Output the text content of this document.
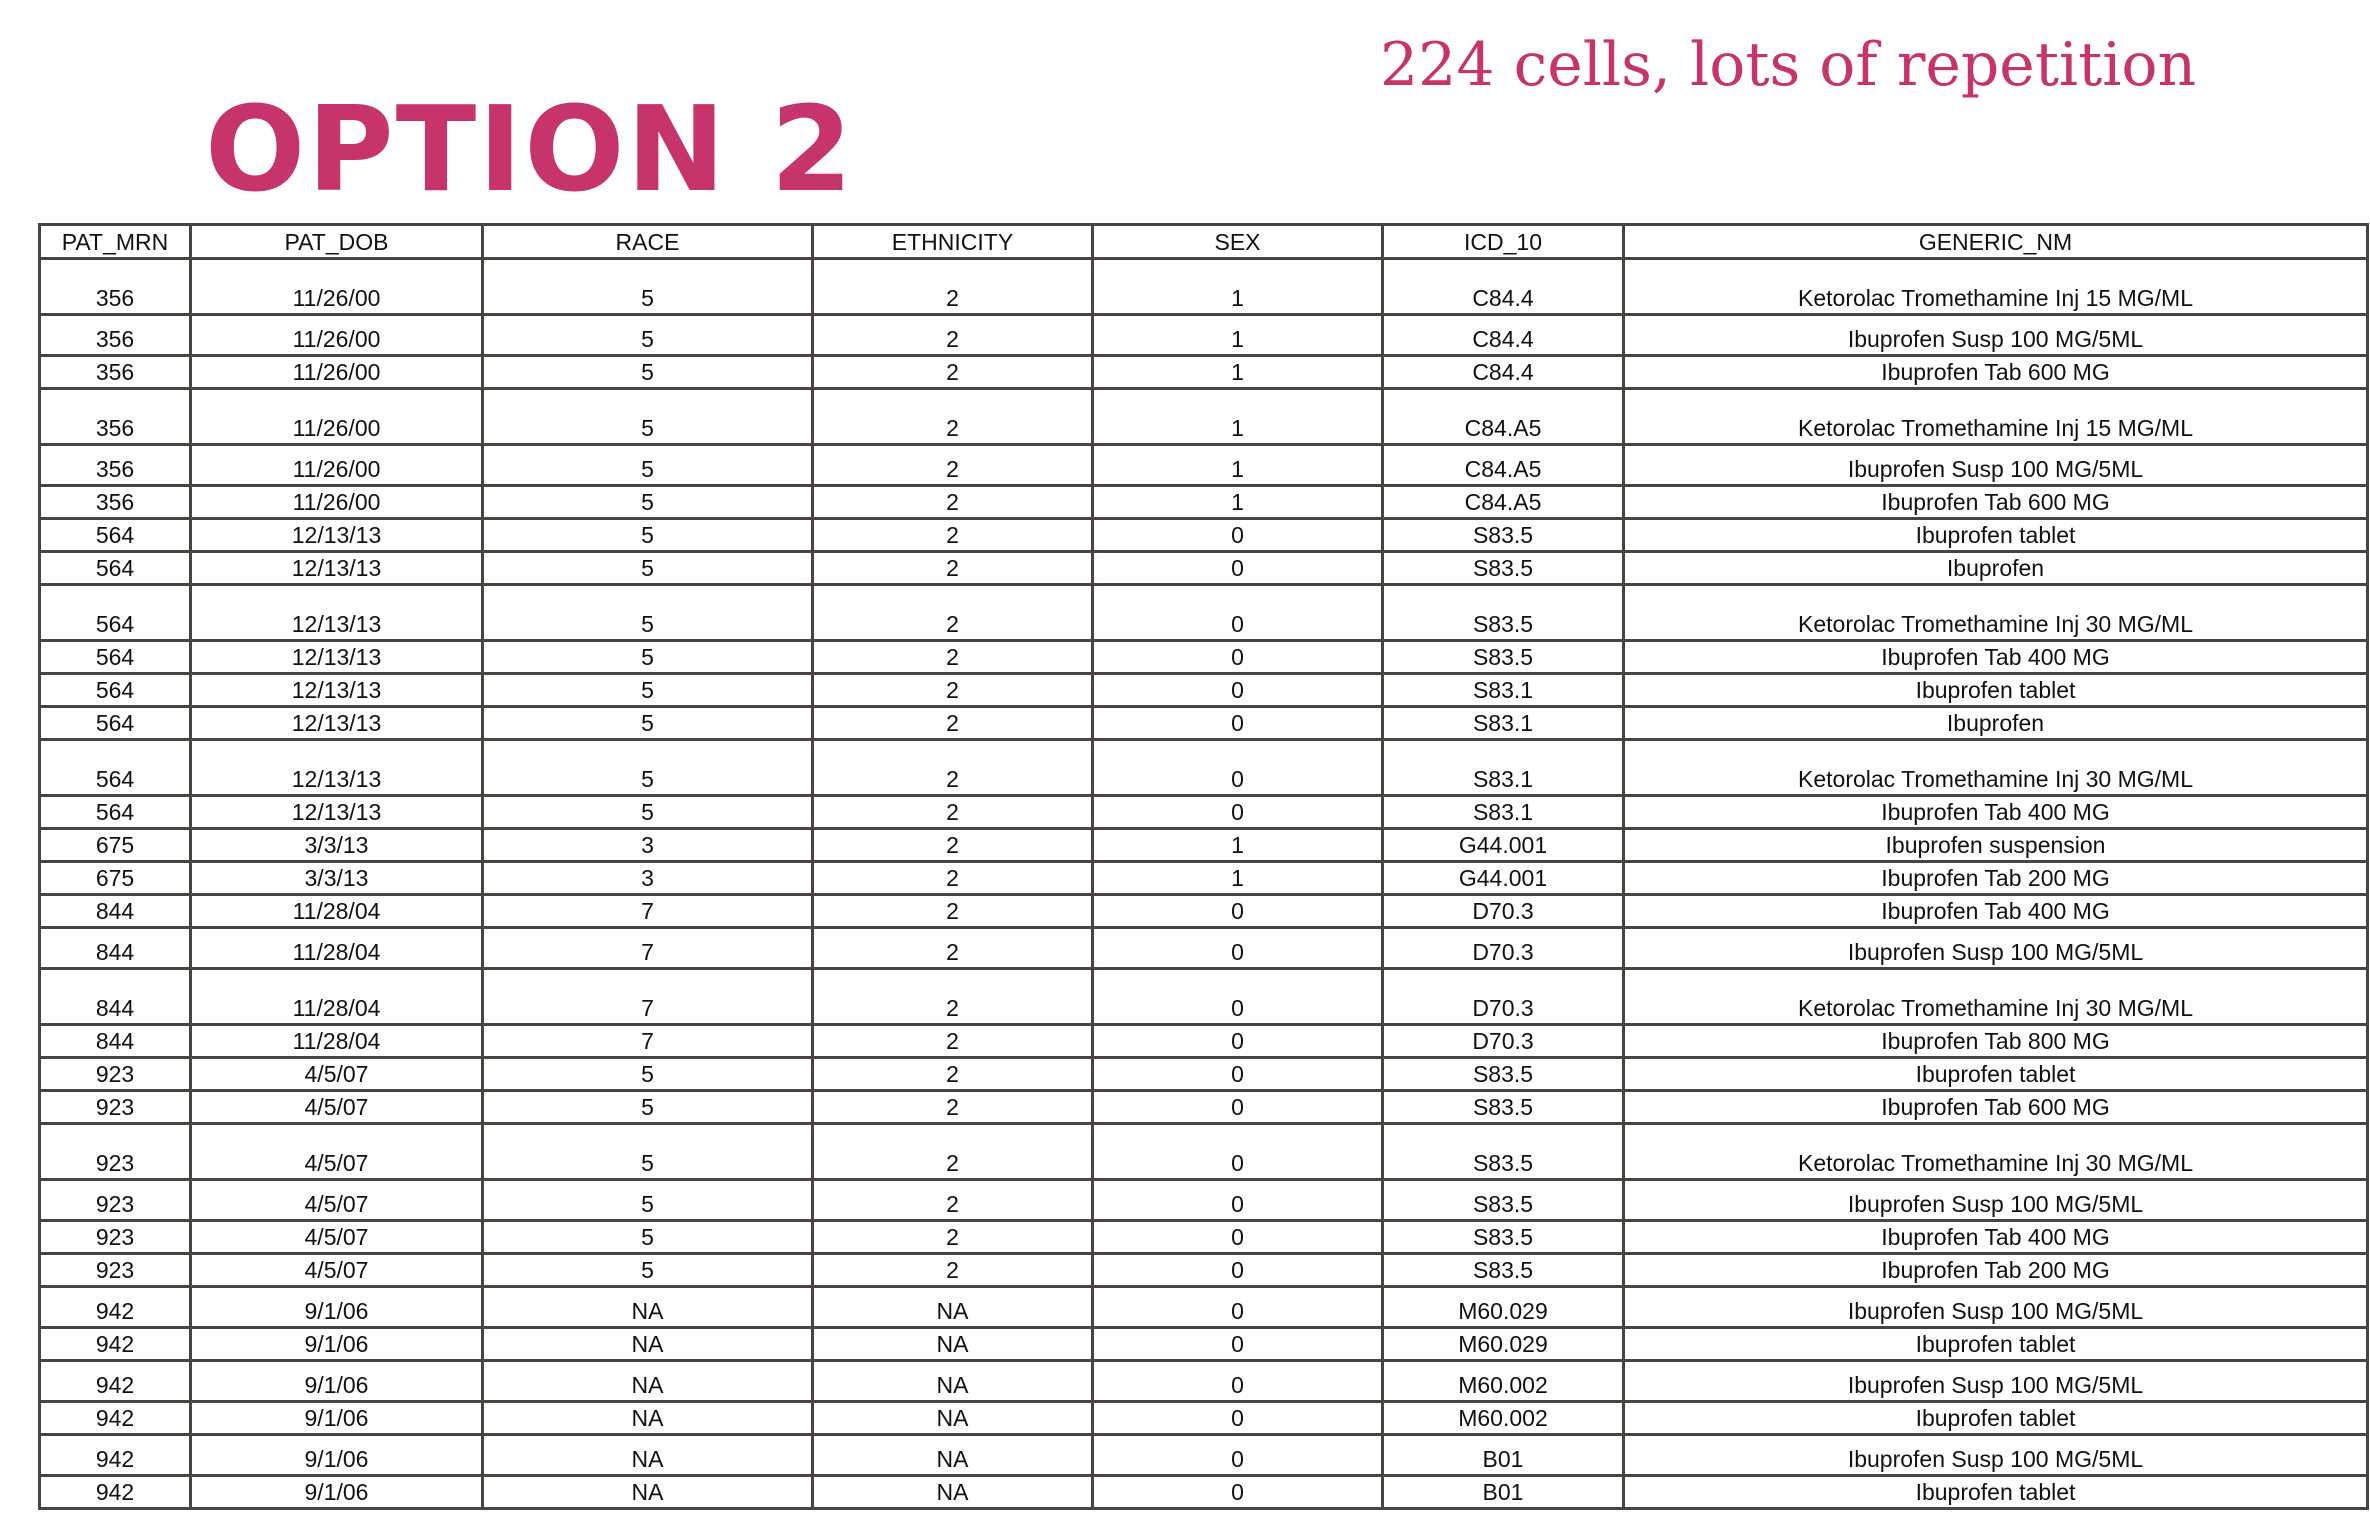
224 cells, lots of repetition
OPTION 2
PAT_MRN	PAT_DOB	RACE	ETHNICITY	SEX	ICD_10	GENERIC_NM
356	11/26/00	5	2	1	C84.4	Ketorolac Tromethamine Inj 15 MG/ML
356	11/26/00	5	2	1	C84.4	Ibuprofen Susp 100 MG/5ML
356	11/26/00	5	2	1	C84.4	Ibuprofen Tab 600 MG
356	11/26/00	5	2	1	C84.A5	Ketorolac Tromethamine Inj 15 MG/ML
356	11/26/00	5	2	1	C84.A5	Ibuprofen Susp 100 MG/5ML
356	11/26/00	5	2	1	C84.A5	Ibuprofen Tab 600 MG
564	12/13/13	5	2	0	S83.5	Ibuprofen tablet
564	12/13/13	5	2	0	S83.5	Ibuprofen
564	12/13/13	5	2	0	S83.5	Ketorolac Tromethamine Inj 30 MG/ML
564	12/13/13	5	2	0	S83.5	Ibuprofen Tab 400 MG
564	12/13/13	5	2	0	S83.1	Ibuprofen tablet
564	12/13/13	5	2	0	S83.1	Ibuprofen
564	12/13/13	5	2	0	S83.1	Ketorolac Tromethamine Inj 30 MG/ML
564	12/13/13	5	2	0	S83.1	Ibuprofen Tab 400 MG
675	3/3/13	3	2	1	G44.001	Ibuprofen suspension
675	3/3/13	3	2	1	G44.001	Ibuprofen Tab 200 MG
844	11/28/04	7	2	0	D70.3	Ibuprofen Tab 400 MG
844	11/28/04	7	2	0	D70.3	Ibuprofen Susp 100 MG/5ML
844	11/28/04	7	2	0	D70.3	Ketorolac Tromethamine Inj 30 MG/ML
844	11/28/04	7	2	0	D70.3	Ibuprofen Tab 800 MG
923	4/5/07	5	2	0	S83.5	Ibuprofen tablet
923	4/5/07	5	2	0	S83.5	Ibuprofen Tab 600 MG
923	4/5/07	5	2	0	S83.5	Ketorolac Tromethamine Inj 30 MG/ML
923	4/5/07	5	2	0	S83.5	Ibuprofen Susp 100 MG/5ML
923	4/5/07	5	2	0	S83.5	Ibuprofen Tab 400 MG
923	4/5/07	5	2	0	S83.5	Ibuprofen Tab 200 MG
942	9/1/06	NA	NA	0	M60.029	Ibuprofen Susp 100 MG/5ML
942	9/1/06	NA	NA	0	M60.029	Ibuprofen tablet
942	9/1/06	NA	NA	0	M60.002	Ibuprofen Susp 100 MG/5ML
942	9/1/06	NA	NA	0	M60.002	Ibuprofen tablet
942	9/1/06	NA	NA	0	B01	Ibuprofen Susp 100 MG/5ML
942	9/1/06	NA	NA	0	B01	Ibuprofen tablet
